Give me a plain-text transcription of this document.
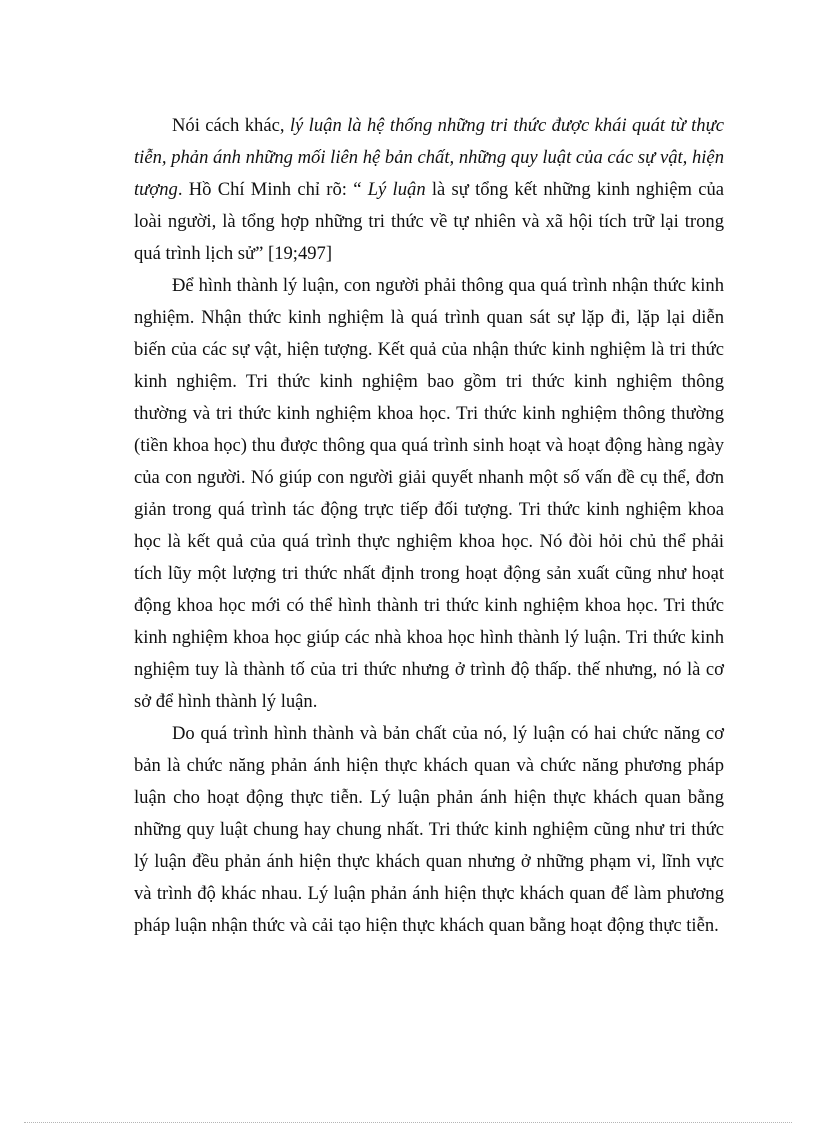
Nói cách khác, lý luận là hệ thống những tri thức được khái quát từ thực tiễn, phản ánh những mối liên hệ bản chất, những quy luật của các sự vật, hiện tượng. Hồ Chí Minh chỉ rõ: “ Lý luận là sự tổng kết những kinh nghiệm của loài người, là tổng hợp những tri thức về tự nhiên và xã hội tích trữ lại trong quá trình lịch sử” [19;497]

Để hình thành lý luận, con người phải thông qua quá trình nhận thức kinh nghiệm. Nhận thức kinh nghiệm là quá trình quan sát sự lặp đi, lặp lại diễn biến của các sự vật, hiện tượng. Kết quả của nhận thức kinh nghiệm là tri thức kinh nghiệm. Tri thức kinh nghiệm bao gồm tri thức kinh nghiệm thông thường và tri thức kinh nghiệm khoa học. Tri thức kinh nghiệm thông thường (tiền khoa học) thu được thông qua quá trình sinh hoạt và hoạt động hàng ngày của con người. Nó giúp con người giải quyết nhanh một số vấn đề cụ thể, đơn giản trong quá trình tác động trực tiếp đối tượng. Tri thức kinh nghiệm khoa học là kết quả của quá trình thực nghiệm khoa học. Nó đòi hỏi chủ thể phải tích lũy một lượng tri thức nhất định trong hoạt động sản xuất cũng như hoạt động khoa học mới có thể hình thành tri thức kinh nghiệm khoa học. Tri thức kinh nghiệm khoa học giúp các nhà khoa học hình thành lý luận. Tri thức kinh nghiệm tuy là thành tố của tri thức nhưng ở trình độ thấp. thế nhưng, nó là cơ sở để hình thành lý luận.

Do quá trình hình thành và bản chất của nó, lý luận có hai chức năng cơ bản là chức năng phản ánh hiện thực khách quan và chức năng phương pháp luận cho hoạt động thực tiễn. Lý luận phản ánh hiện thực khách quan bằng những quy luật chung hay chung nhất. Tri thức kinh nghiệm cũng như tri thức lý luận đều phản ánh hiện thực khách quan nhưng ở những phạm vi, lĩnh vực và trình độ khác nhau. Lý luận phản ánh hiện thực khách quan để làm phương pháp luận nhận thức và cải tạo hiện thực khách quan bằng hoạt động thực tiễn.
